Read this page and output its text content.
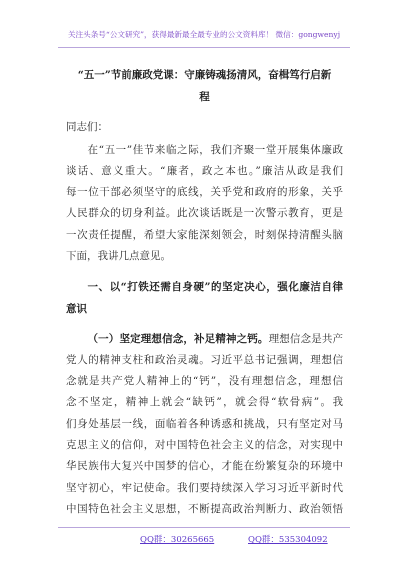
关注头条号“公文研究”，获得最新最全最专业的公文资料库！ 微信：gongwenyj
“五一”节前廉政党课：守廉铸魂扬清风，奋楫笃行启新
程
同志们：
在“五一”佳节来临之际，我们齐聚一堂开展集体廉政
谈话、意义重大。“廉者，政之本也。”廉洁从政是我们
每一位干部必须坚守的底线，关乎党和政府的形象，关乎
人民群众的切身利益。此次谈话既是一次警示教育，更是
一次责任提醒，希望大家能深刻领会，时刻保持清醒头脑
下面，我讲几点意见。
一、以“打铁还需自身硬”的坚定决心，强化廉洁自律
意识
（一）坚定理想信念，补足精神之钙。理想信念是共产
党人的精神支柱和政治灵魂。习近平总书记强调，理想信
念就是共产党人精神上的“钙”，没有理想信念，理想信
念不坚定，精神上就会“缺钙”，就会得“软骨病”。我
们身处基层一线，面临着各种诱惑和挑战，只有坚定对马
克思主义的信仰，对中国特色社会主义的信念，对实现中
华民族伟大复兴中国梦的信心，才能在纷繁复杂的环境中
坚守初心，牢记使命。我们要持续深入学习习近平新时代
中国特色社会主义思想，不断提高政治判断力、政治领悟
QQ群：30265665	QQ群：535304092
